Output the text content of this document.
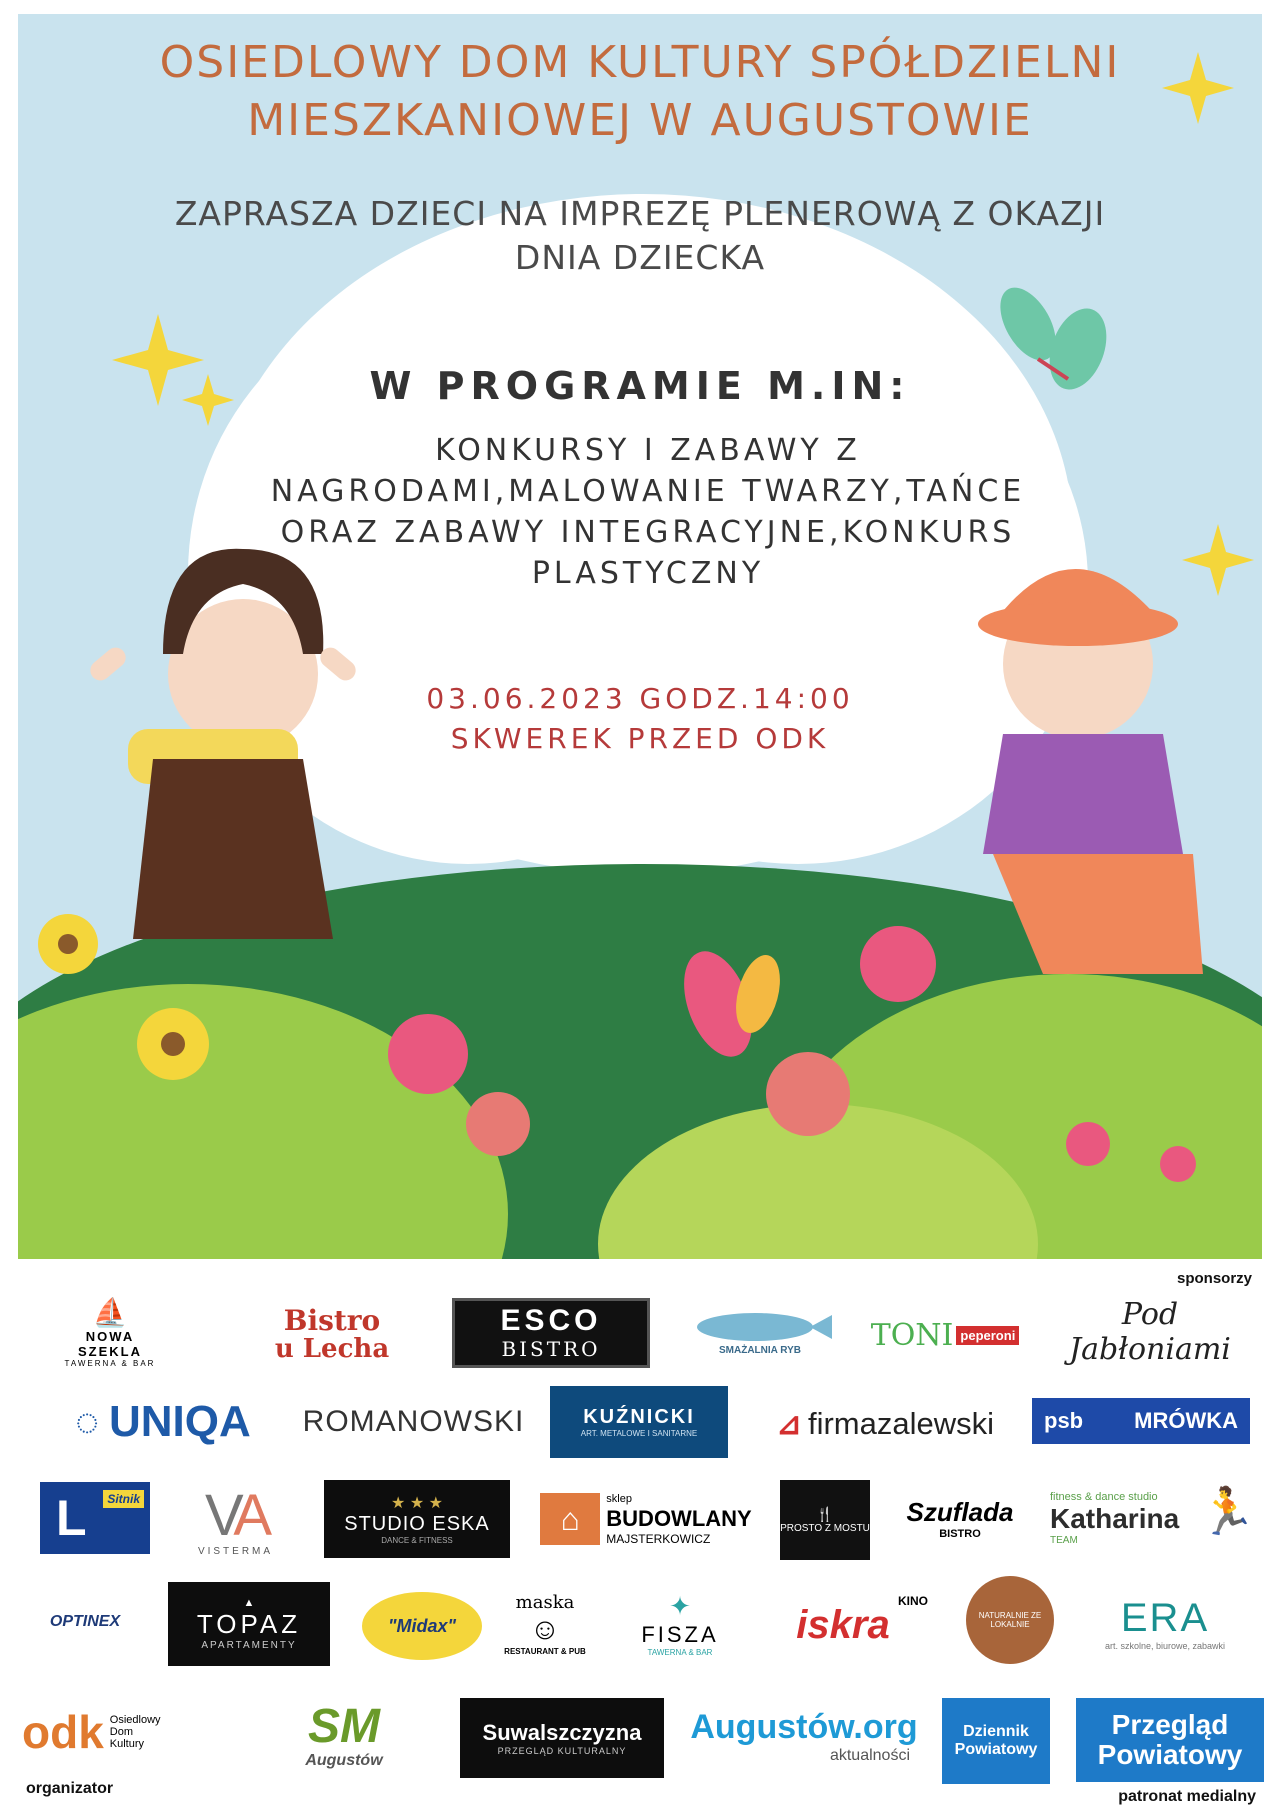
OSIEDLOWY DOM KULTURY SPÓŁDZIELNI
MIESZKANIOWEJ W AUGUSTOWIE
ZAPRASZA DZIECI NA IMPREZĘ PLENEROWĄ Z OKAZJI
DNIA DZIECKA
W PROGRAMIE M.IN:
KONKURSY I ZABAWY Z
NAGRODAMI,MALOWANIE TWARZY,TAŃCE
ORAZ ZABAWY INTEGRACYJNE,KONKURS
PLASTYCZNY
03.06.2023 GODZ.14:00
SKWEREK PRZED ODK
sponsorzy
⛵
NOWA SZEKLA
TAWERNA & BAR
Bistro
u Lecha
ESCO
BISTRO	SMAŻALNIA RYB TONI peperoni
Pod Jabłoniami
◌ UNIQA ROMANOWSKI	KUŹNICKI
ART. METALOWE I SANITARNE	⊿ firmazalewski psb MRÓWKA
L	Sitnik VA
VISTERMA
★ ★ ★
STUDIO ESKA
DANCE & FITNESS
⌂
sklep
BUDOWLANY
MAJSTERKOWICZ
🍴
PROSTO Z MOSTU
Szuflada
BISTRO
fitness & dance studio
Katharina
TEAM
🏃
OPTINEX
▲
TOPAZ
APARTAMENTY
"Midax"
maska
☺
RESTAURANT & PUB
✦
FISZA
TAWERNA & BAR
iskra
KINO
NATURALNIE ZE LOKALNIE	ERA
art. szkolne, biurowe, zabawki
odk Osiedlowy Dom Kultury
organizator
SM
Augustów
Suwalszczyzna
PRZEGLĄD KULTURALNY
Augustów.org
aktualności
Dziennik
Powiatowy
Przegląd
Powiatowy
patronat medialny
